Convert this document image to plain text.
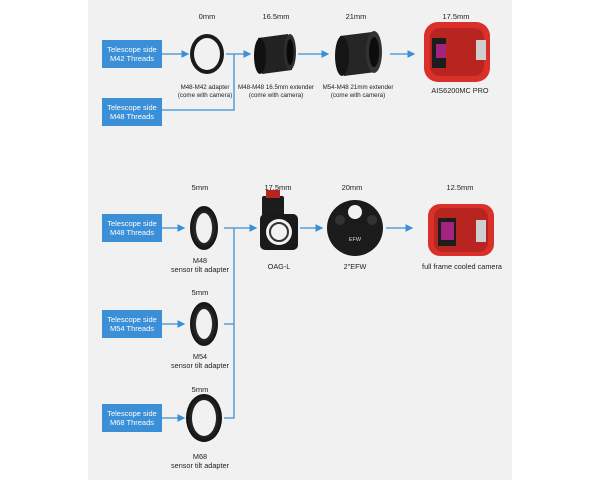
EFW
Telescope side
M42 Threads
Telescope side
M48 Threads
0mm	16.5mm	21mm	17.5mm
M48-M42 adapter
(come with camera)
M48-M48 16.5mm extender
(come with camera)
M54-M48 21mm extender
(come with camera)
AIS6200MC PRO
Telescope side
M48 Threads
Telescope side
M54 Threads
Telescope side
M68 Threads
5mm
5mm
5mm
17.5mm	20mm	12.5mm
M48
sensor tilt adapter
M54
sensor tilt adapter
M68
sensor tilt adapter
OAG-L	2"EFW	full frame cooled camera
